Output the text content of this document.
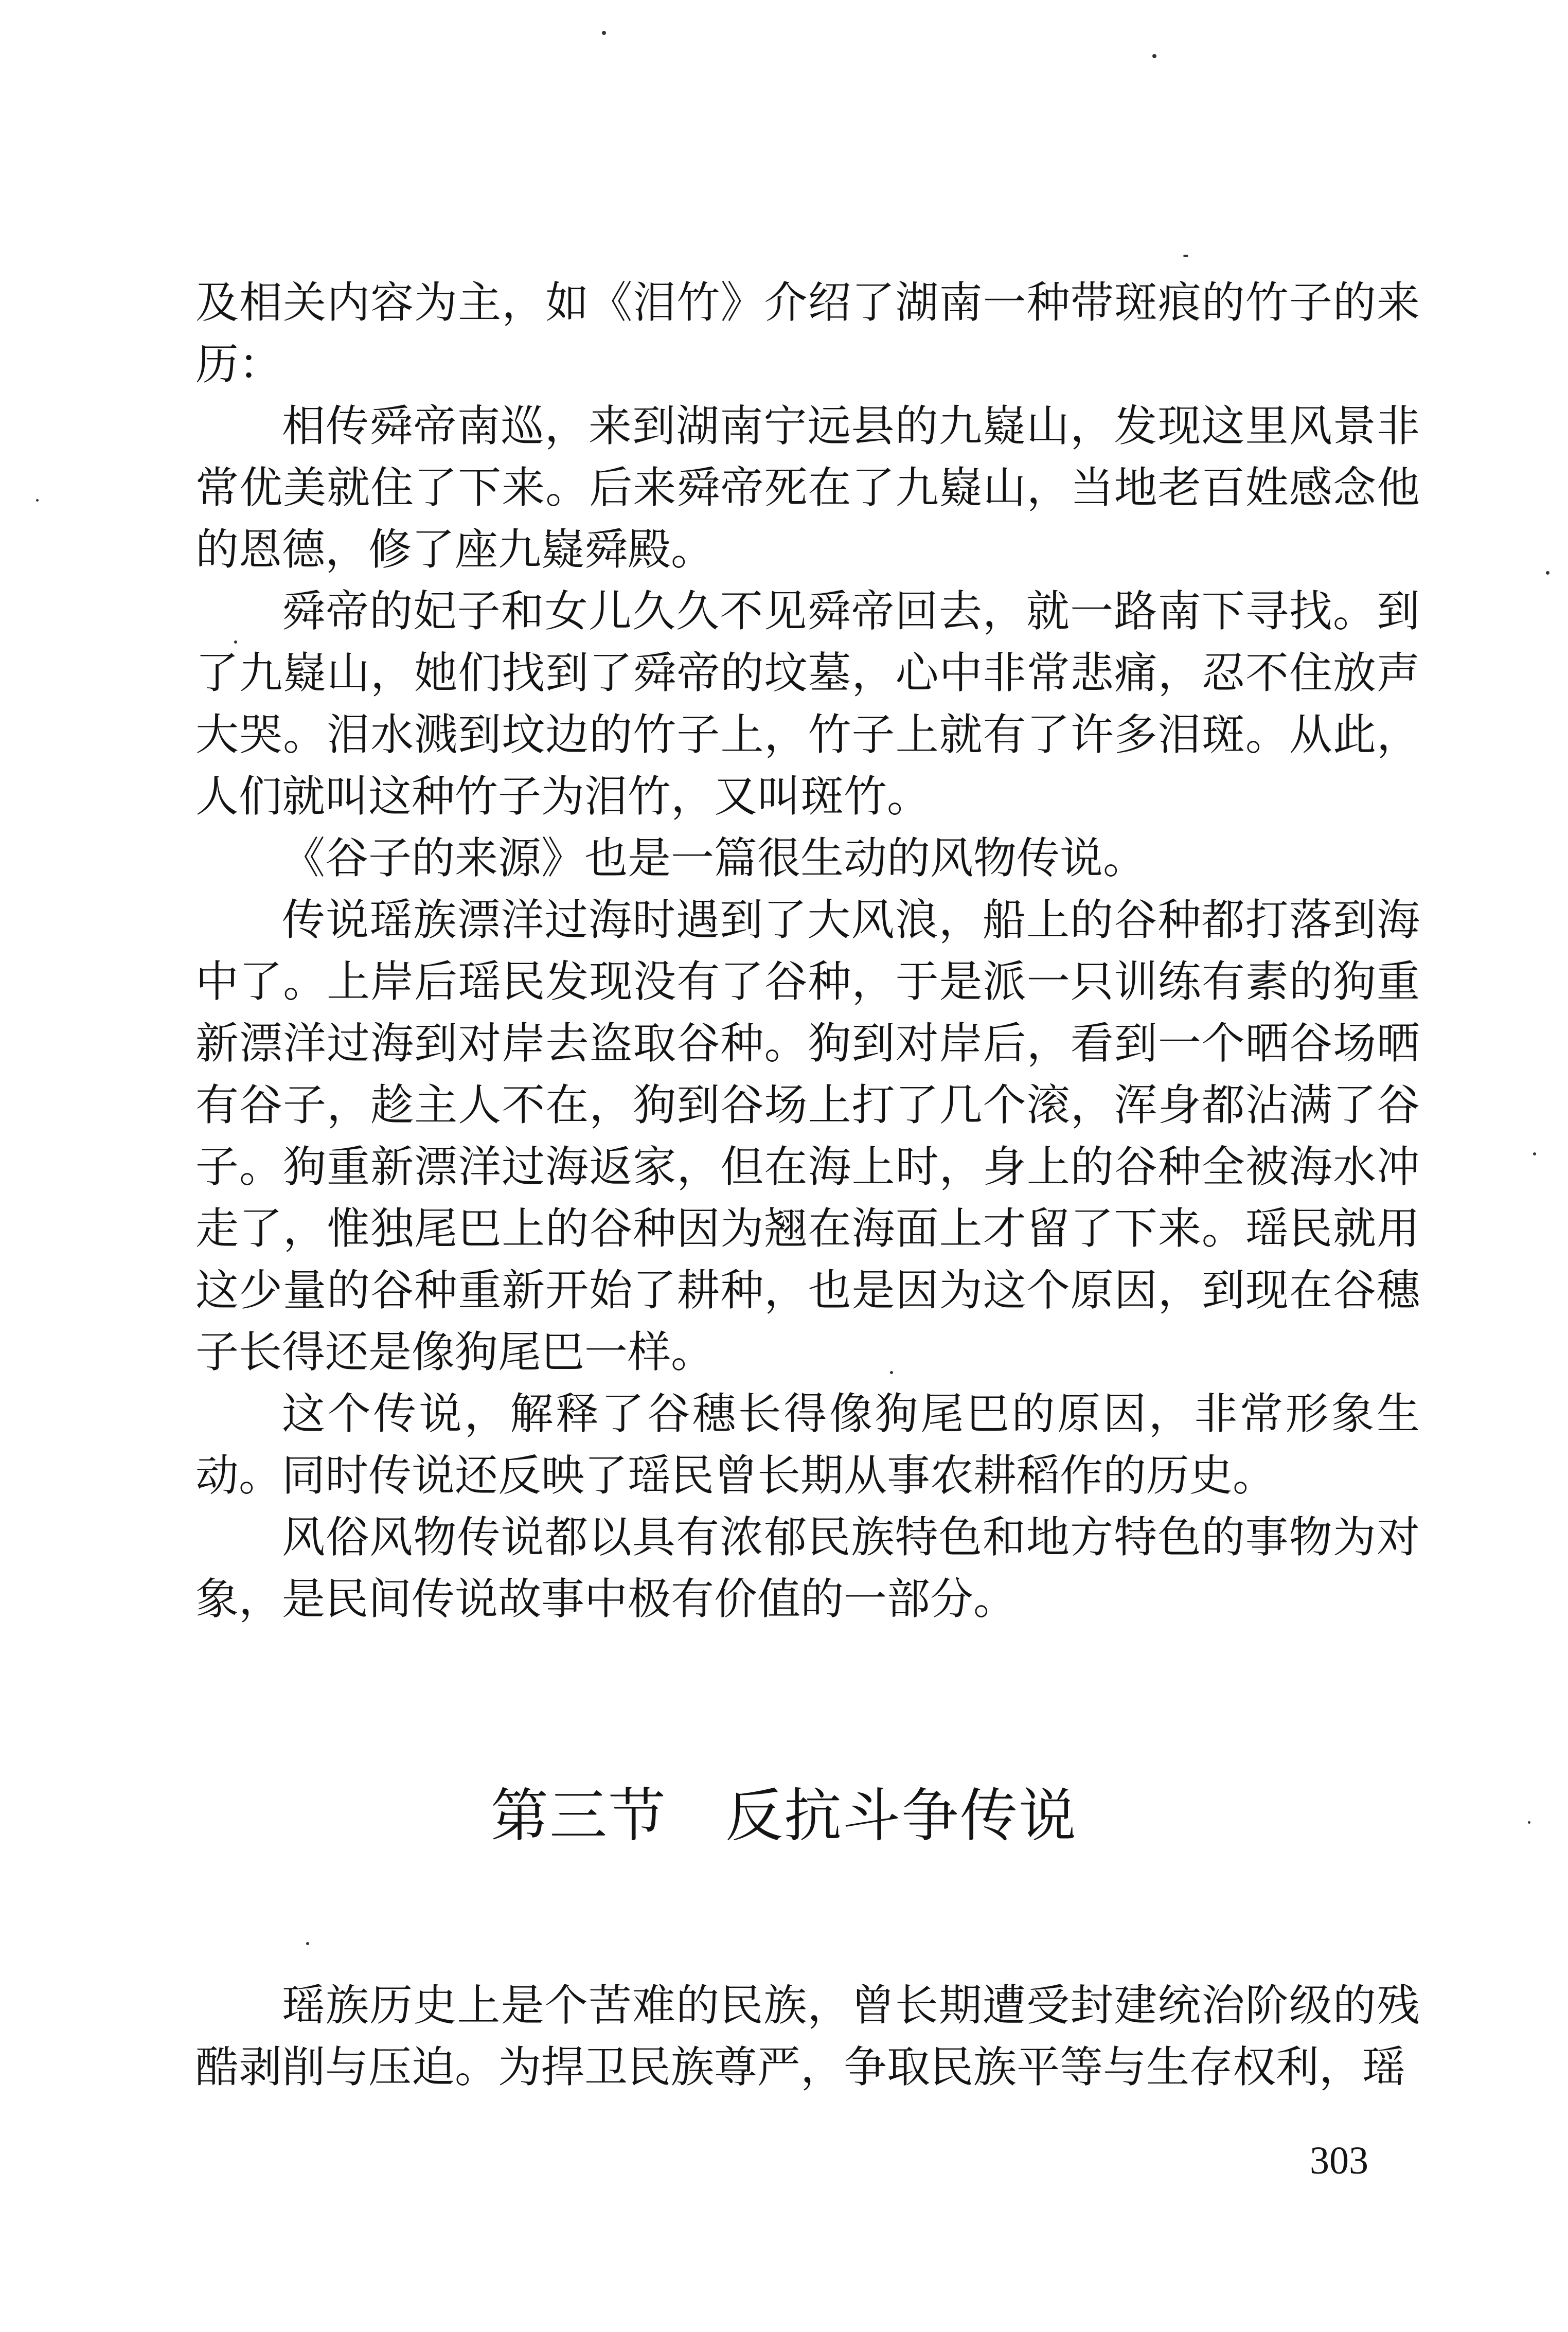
及相关内容为主，如《泪竹》介绍了湖南一种带斑痕的竹子的来历：

相传舜帝南巡，来到湖南宁远县的九嶷山，发现这里风景非常优美就住了下来。后来舜帝死在了九嶷山，当地老百姓感念他的恩德，修了座九嶷舜殿。

舜帝的妃子和女儿久久不见舜帝回去，就一路南下寻找。到了九嶷山，她们找到了舜帝的坟墓，心中非常悲痛，忍不住放声大哭。泪水溅到坟边的竹子上，竹子上就有了许多泪斑。从此，人们就叫这种竹子为泪竹，又叫斑竹。

《谷子的来源》也是一篇很生动的风物传说。

传说瑶族漂洋过海时遇到了大风浪，船上的谷种都打落到海中了。上岸后瑶民发现没有了谷种，于是派一只训练有素的狗重新漂洋过海到对岸去盗取谷种。狗到对岸后，看到一个晒谷场晒有谷子，趁主人不在，狗到谷场上打了几个滚，浑身都沾满了谷子。狗重新漂洋过海返家，但在海上时，身上的谷种全被海水冲走了，惟独尾巴上的谷种因为翘在海面上才留了下来。瑶民就用这少量的谷种重新开始了耕种，也是因为这个原因，到现在谷穗子长得还是像狗尾巴一样。

这个传说，解释了谷穗长得像狗尾巴的原因，非常形象生动。同时传说还反映了瑶民曾长期从事农耕稻作的历史。

风俗风物传说都以具有浓郁民族特色和地方特色的事物为对象，是民间传说故事中极有价值的一部分。

第三节　反抗斗争传说

瑶族历史上是个苦难的民族，曾长期遭受封建统治阶级的残酷剥削与压迫。为捍卫民族尊严，争取民族平等与生存权利，瑶

303
